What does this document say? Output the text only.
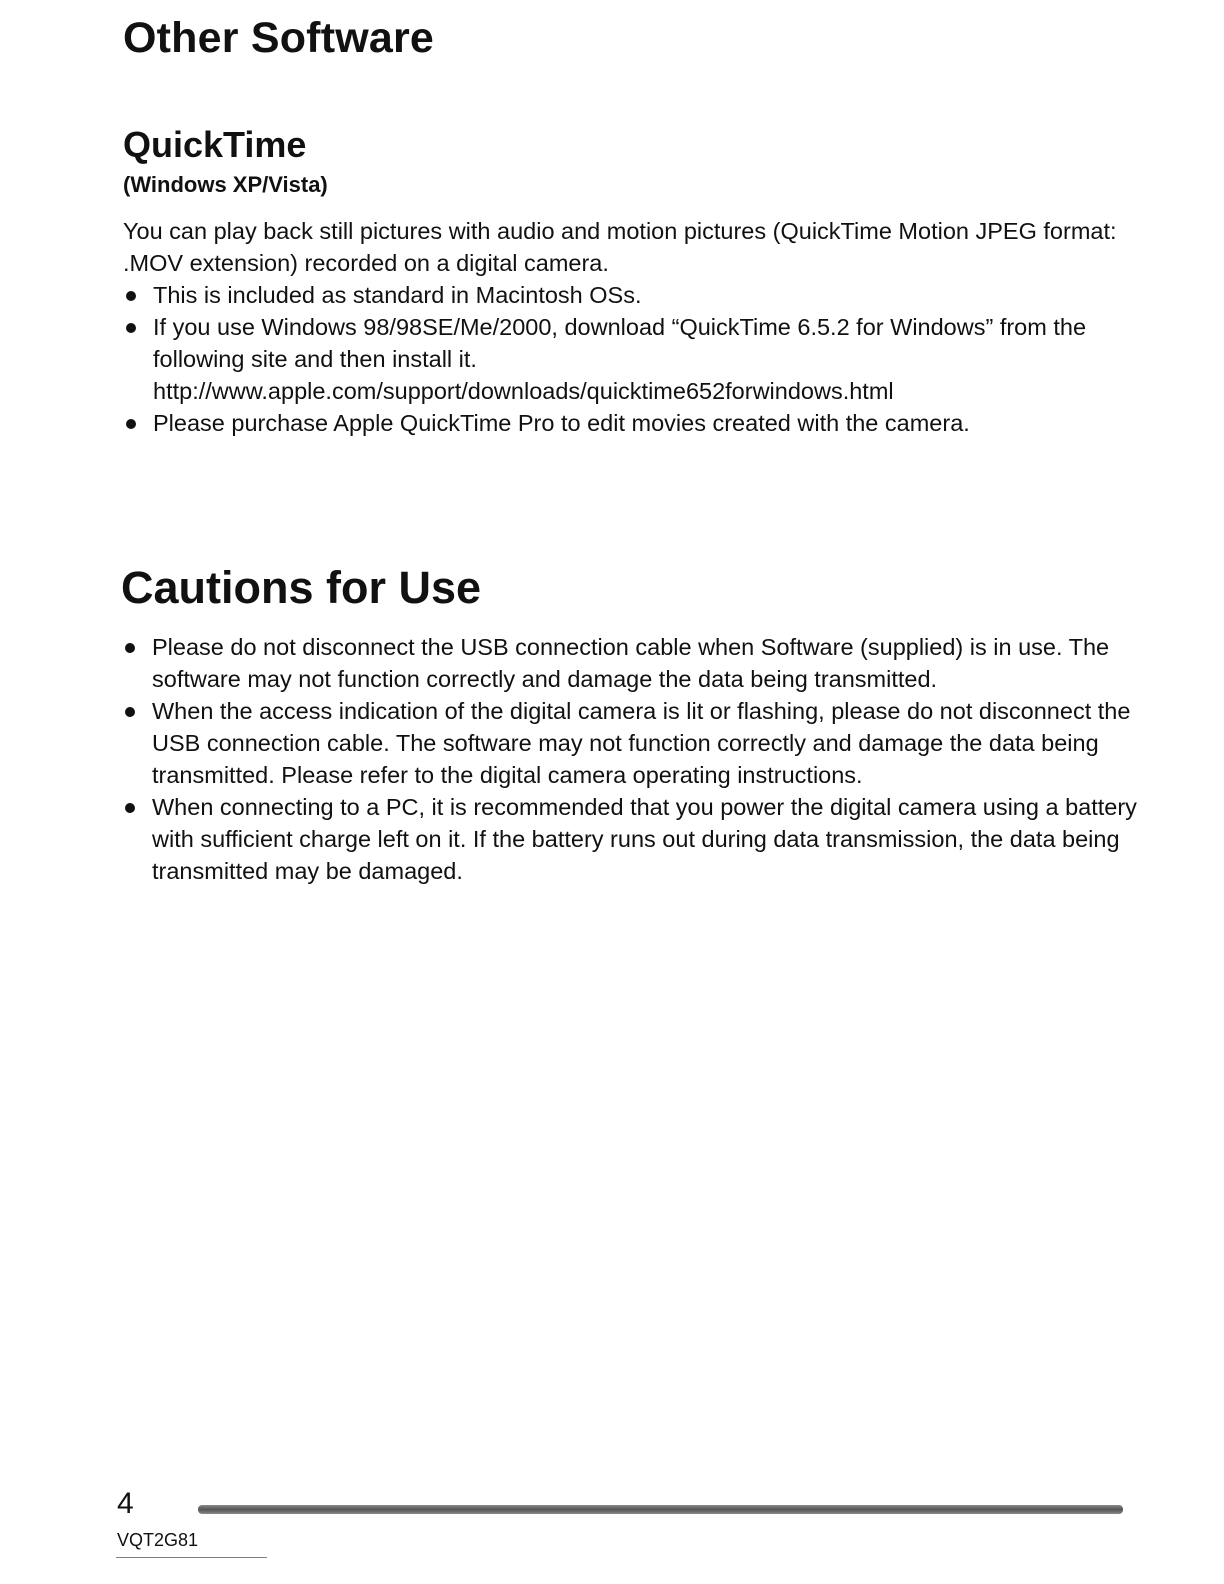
Other Software
QuickTime

(Windows XP/Vista)

You can play back still pictures with audio and motion pictures (QuickTime Motion JPEG format: .MOV extension) recorded on a digital camera.

This is included as standard in Macintosh OSs.
If you use Windows 98/98SE/Me/2000, download “QuickTime 6.5.2 for Windows” from the following site and then install it.
http://www.apple.com/support/downloads/quicktime652forwindows.html
Please purchase Apple QuickTime Pro to edit movies created with the camera.
Cautions for Use
Please do not disconnect the USB connection cable when Software (supplied) is in use. The software may not function correctly and damage the data being transmitted.
When the access indication of the digital camera is lit or flashing, please do not disconnect the USB connection cable. The software may not function correctly and damage the data being transmitted. Please refer to the digital camera operating instructions.
When connecting to a PC, it is recommended that you power the digital camera using a battery with sufficient charge left on it. If the battery runs out during data transmission, the data being transmitted may be damaged.
4
VQT2G81
